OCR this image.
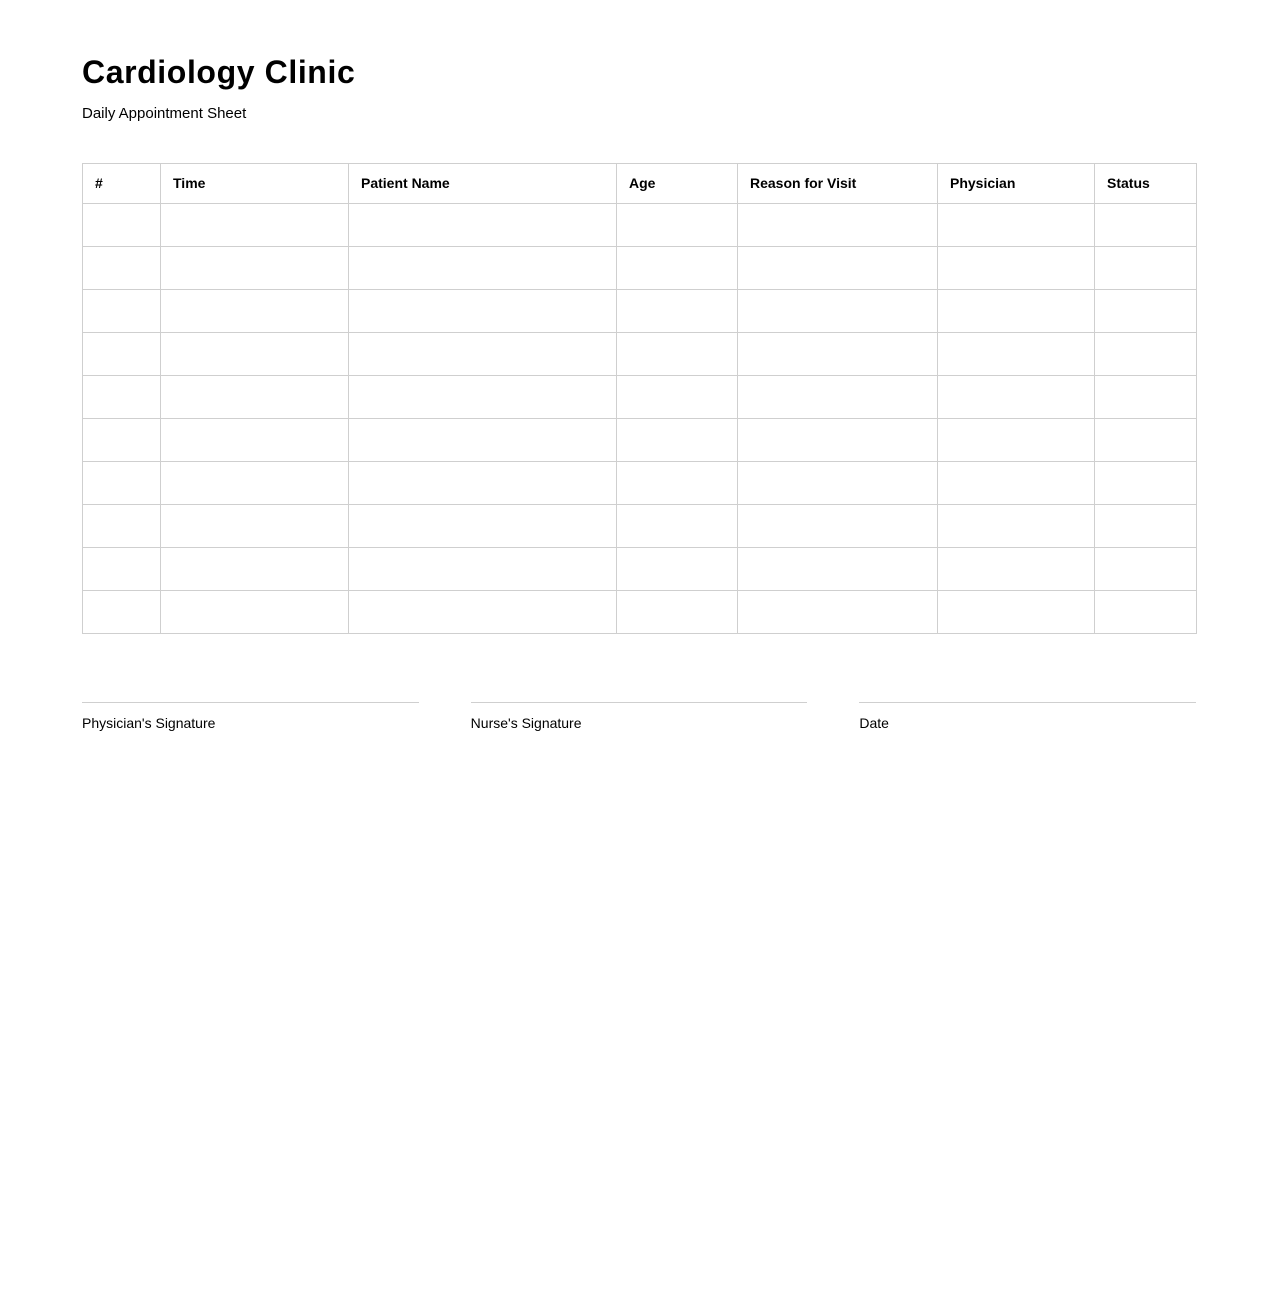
Cardiology Clinic
Daily Appointment Sheet
#	Time	Patient Name	Age	Reason for Visit	Physician	Status

Physician's Signature	Nurse's Signature	Date
